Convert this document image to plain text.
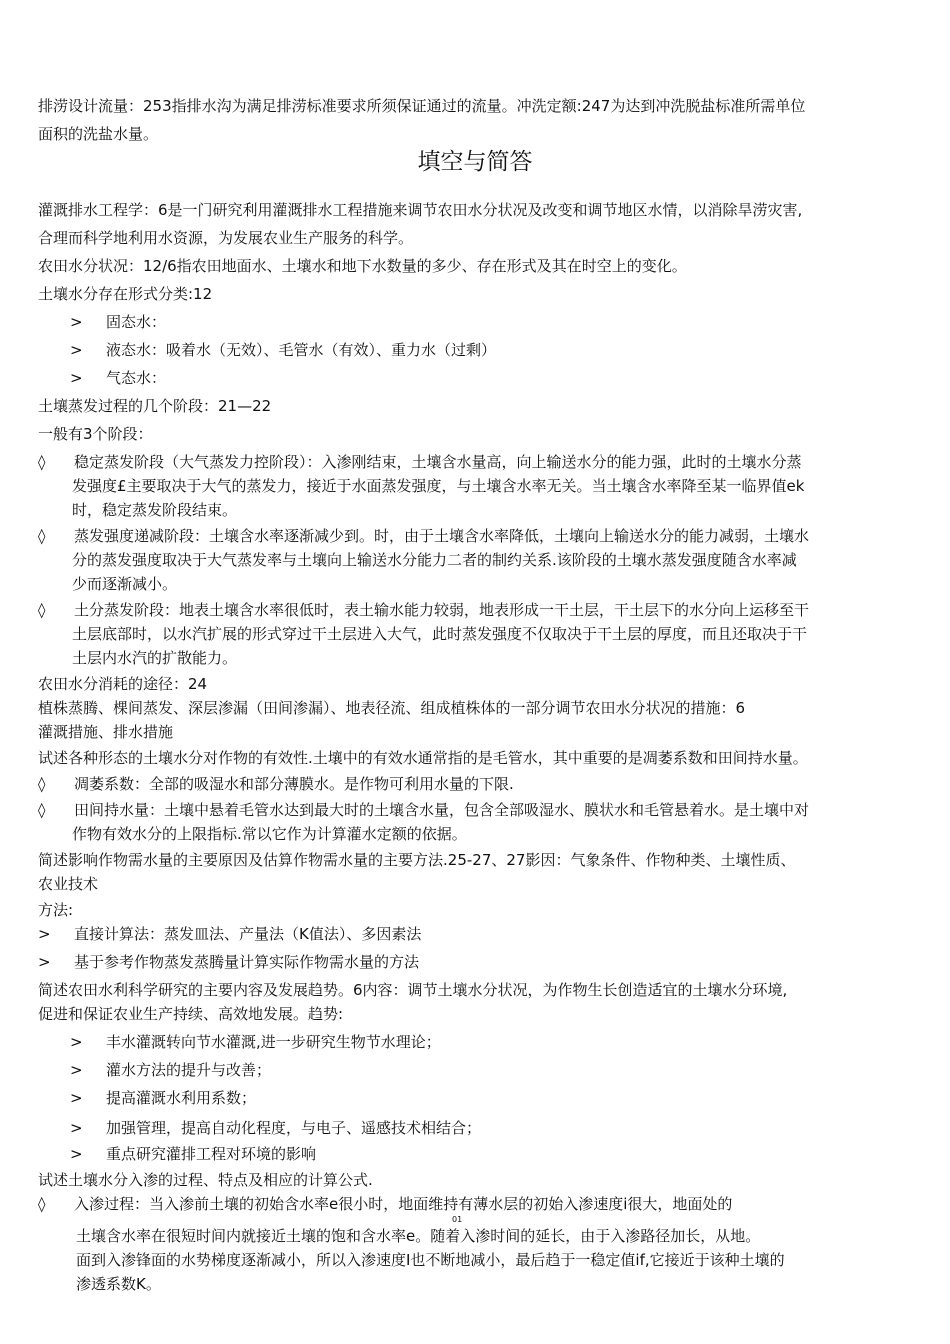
填空与简答
排涝设计流量：253指排水沟为满足排涝标准要求所须保证通过的流量。冲洗定额:247为达到冲洗脱盐标准所需单位
面积的洗盐水量。
灌溉排水工程学：6是一门研究利用灌溉排水工程措施来调节农田水分状况及改变和调节地区水情，以消除旱涝灾害,
合理而科学地利用水资源，为发展农业生产服务的科学。
农田水分状况：12/6指农田地面水、土壤水和地下水数量的多少、存在形式及其在时空上的变化。
土壤水分存在形式分类:12
> 固态水：
> 液态水：吸着水（无效）、毛管水（有效）、重力水（过剩）
> 气态水：
土壤蒸发过程的几个阶段：21—22
一般有3个阶段：
◊ 稳定蒸发阶段（大气蒸发力控阶段）：入渗刚结束，土壤含水量高，向上输送水分的能力强，此时的土壤水分蒸
发强度£主要取决于大气的蒸发力，接近于水面蒸发强度，与土壤含水率无关。当土壤含水率降至某一临界值ek
时，稳定蒸发阶段结束。
◊ 蒸发强度递减阶段：土壤含水率逐渐减少到。时，由于土壤含水率降低，土壤向上输送水分的能力减弱，土壤水
分的蒸发强度取决于大气蒸发率与土壤向上输送水分能力二者的制约关系.该阶段的土壤水蒸发强度随含水率减
少而逐渐减小。
◊ 土分蒸发阶段：地表土壤含水率很低时，表土输水能力较弱，地表形成一干土层，干土层下的水分向上运移至干
土层底部时，以水汽扩展的形式穿过干土层进入大气，此时蒸发强度不仅取决于干土层的厚度，而且还取决于干
土层内水汽的扩散能力。
农田水分消耗的途径：24
植株蒸腾、棵间蒸发、深层渗漏（田间渗漏）、地表径流、组成植株体的一部分调节农田水分状况的措施：6
灌溉措施、排水措施
试述各种形态的土壤水分对作物的有效性.土壤中的有效水通常指的是毛管水，其中重要的是凋萎系数和田间持水量。
◊ 凋萎系数：全部的吸湿水和部分薄膜水。是作物可利用水量的下限.
◊ 田间持水量：土壤中悬着毛管水达到最大时的土壤含水量，包含全部吸湿水、膜状水和毛管悬着水。是土壤中对
作物有效水分的上限指标.常以它作为计算灌水定额的依据。
简述影响作物需水量的主要原因及估算作物需水量的主要方法.25-27、27影因：气象条件、作物种类、土壤性质、
农业技术
方法:
> 直接计算法：蒸发皿法、产量法（K值法）、多因素法
> 基于参考作物蒸发蒸腾量计算实际作物需水量的方法
简述农田水利科学研究的主要内容及发展趋势。6内容：调节土壤水分状况，为作物生长创造适宜的土壤水分环境,
促进和保证农业生产持续、高效地发展。趋势:
> 丰水灌溉转向节水灌溉,进一步研究生物节水理论；
> 灌水方法的提升与改善；
> 提高灌溉水利用系数；
> 加强管理，提高自动化程度，与电子、遥感技术相结合；
> 重点研究灌排工程对环境的影响
试述土壤水分入渗的过程、特点及相应的计算公式.
◊ 入渗过程：当入渗前土壤的初始含水率e很小时，地面维持有薄水层的初始入渗速度i很大，地面处的
01
土壤含水率在很短时间内就接近土壤的饱和含水率e。随着入渗时间的延长，由于入渗路径加长，从地。
面到入渗锋面的水势梯度逐渐减小，所以入渗速度I也不断地减小，最后趋于一稳定值if,它接近于该种土壤的
渗透系数K。
